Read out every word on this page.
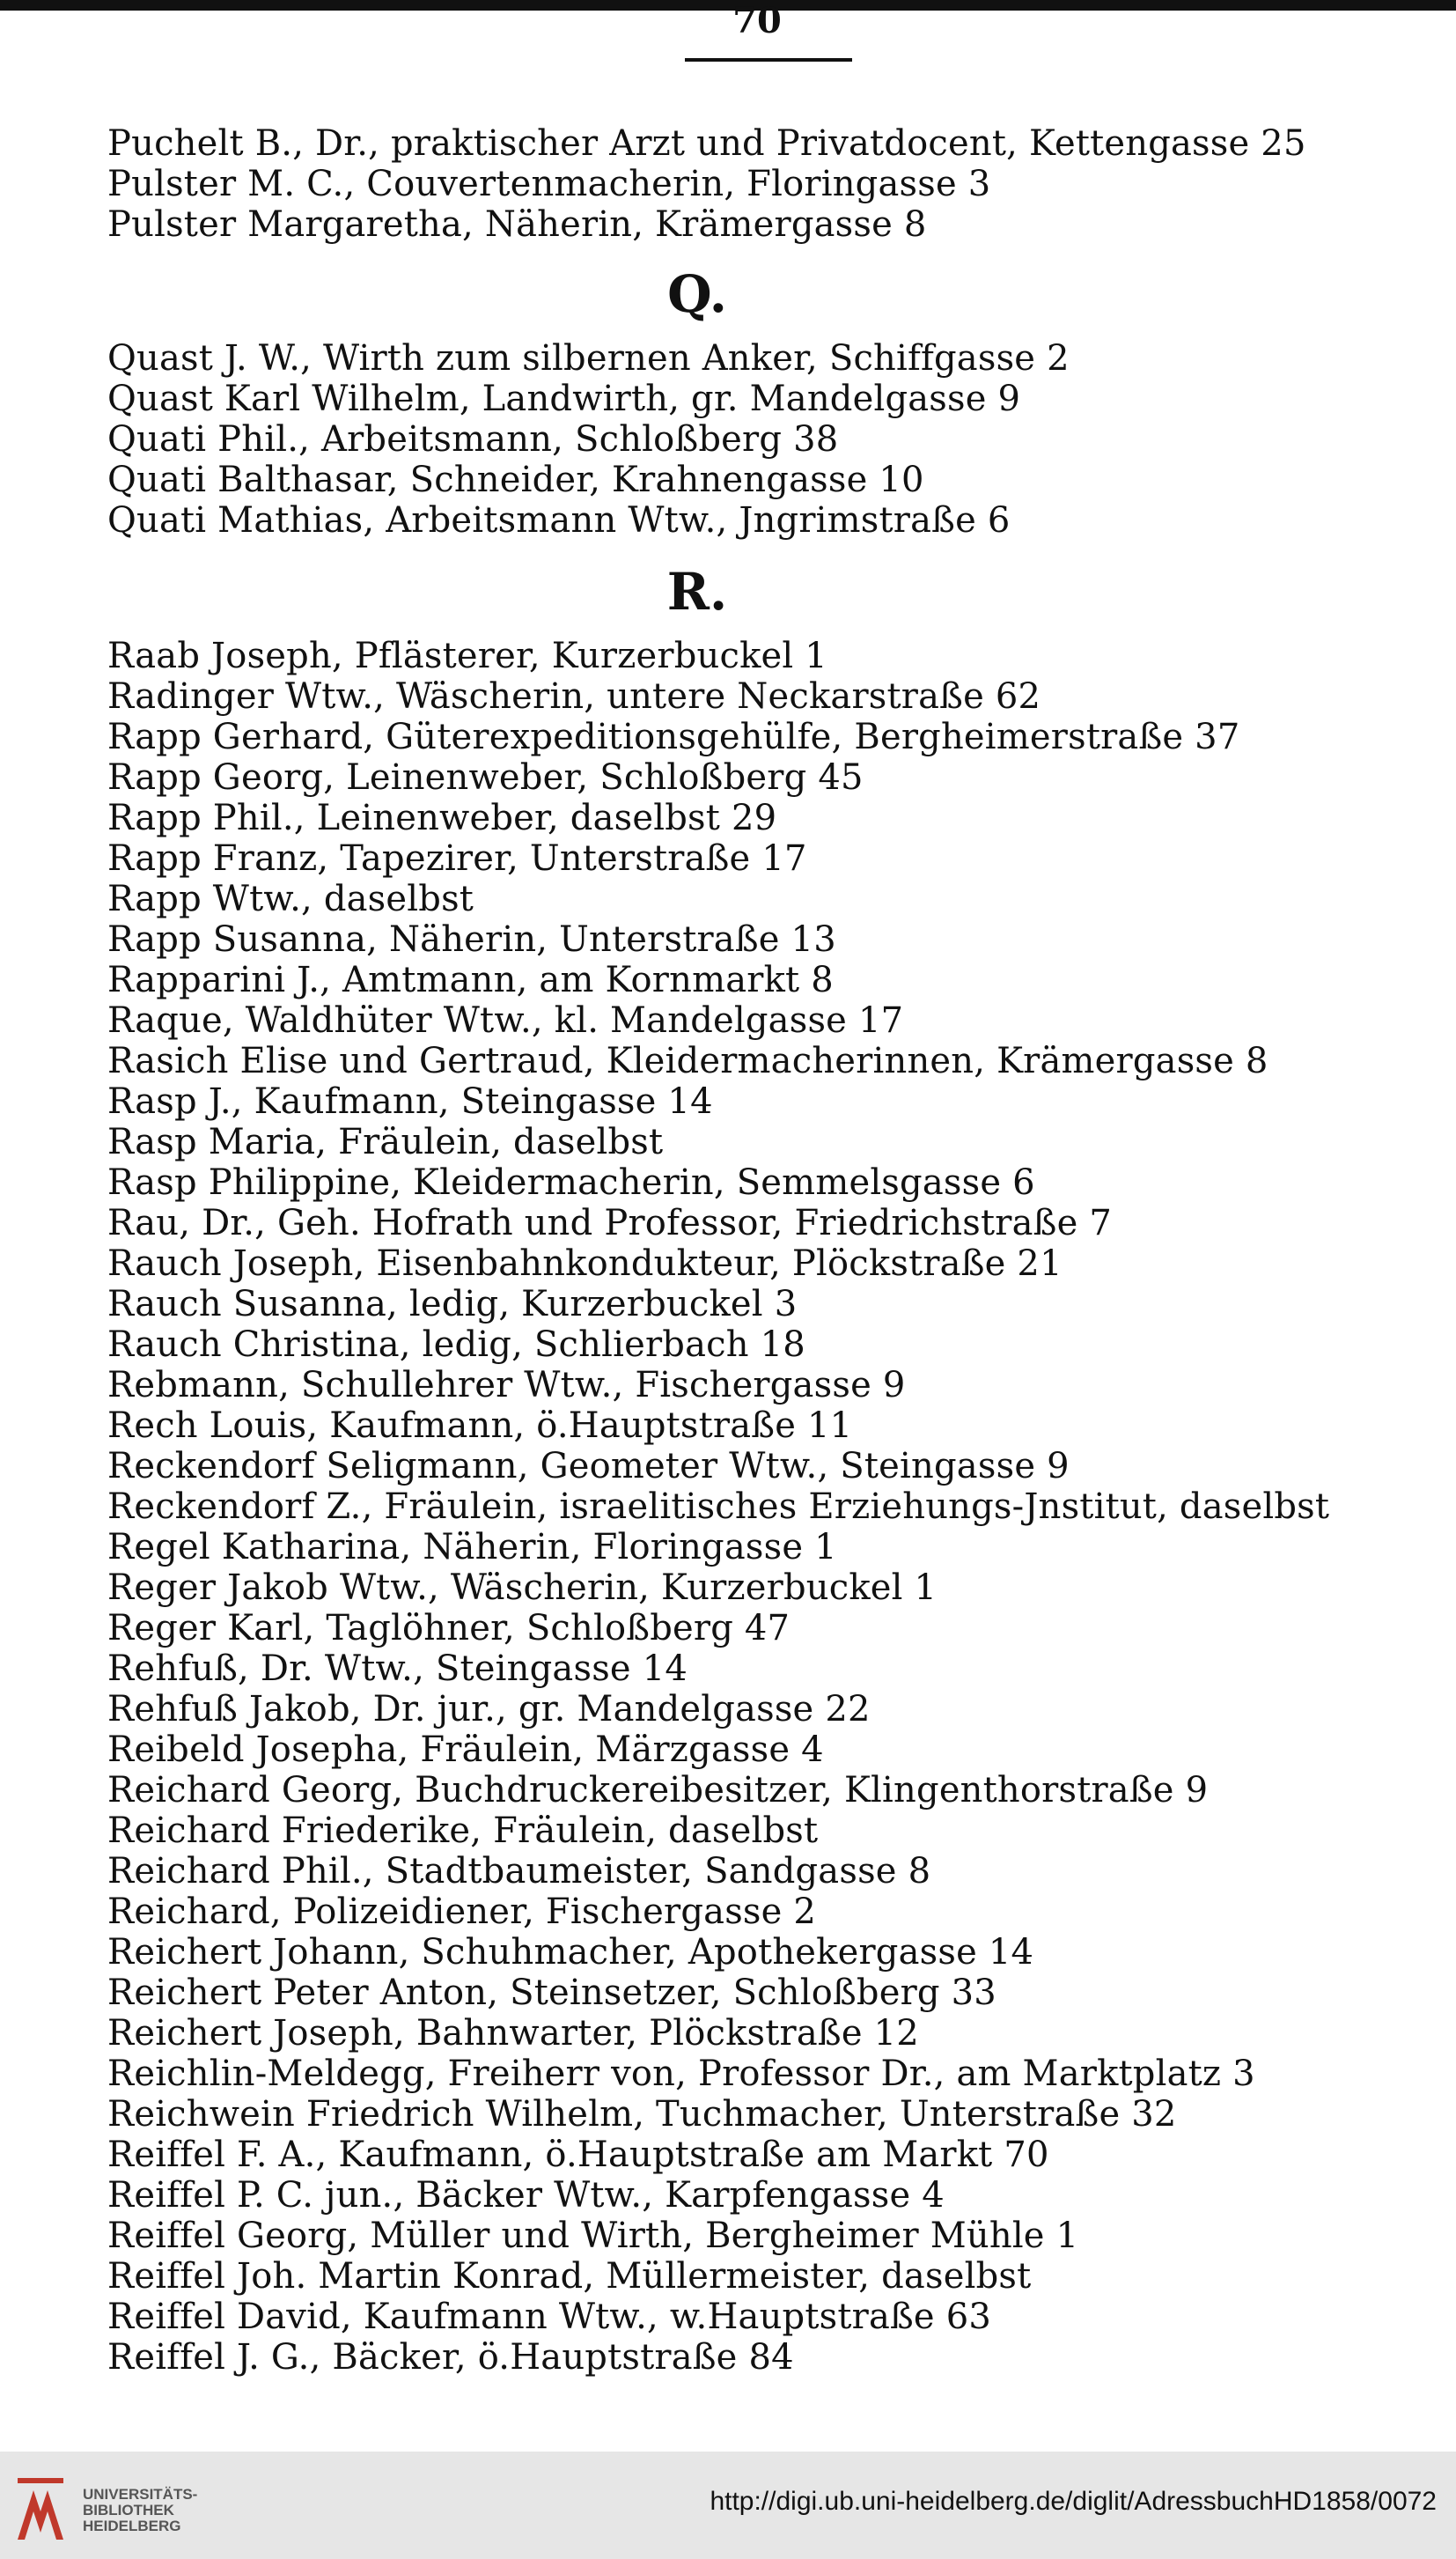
70
Puchelt B., Dr., praktischer Arzt und Privatdocent, Kettengasse 25
Pulster M. C., Couvertenmacherin, Floringasse 3
Pulster Margaretha, Näherin, Krämergasse 8
Q.
Quast J. W., Wirth zum silbernen Anker, Schiffgasse 2
Quast Karl Wilhelm, Landwirth, gr. Mandelgasse 9
Quati Phil., Arbeitsmann, Schloßberg 38
Quati Balthasar, Schneider, Krahnengasse 10
Quati Mathias, Arbeitsmann Wtw., Jngrimstraße 6
R.
Raab Joseph, Pflästerer, Kurzerbuckel 1
Radinger Wtw., Wäscherin, untere Neckarstraße 62
Rapp Gerhard, Güterexpeditionsgehülfe, Bergheimerstraße 37
Rapp Georg, Leinenweber, Schloßberg 45
Rapp Phil., Leinenweber, daselbst 29
Rapp Franz, Tapezirer, Unterstraße 17
Rapp Wtw., daselbst
Rapp Susanna, Näherin, Unterstraße 13
Rapparini J., Amtmann, am Kornmarkt 8
Raque, Waldhüter Wtw., kl. Mandelgasse 17
Rasich Elise und Gertraud, Kleidermacherinnen, Krämergasse 8
Rasp J., Kaufmann, Steingasse 14
Rasp Maria, Fräulein, daselbst
Rasp Philippine, Kleidermacherin, Semmelsgasse 6
Rau, Dr., Geh. Hofrath und Professor, Friedrichstraße 7
Rauch Joseph, Eisenbahnkondukteur, Plöckstraße 21
Rauch Susanna, ledig, Kurzerbuckel 3
Rauch Christina, ledig, Schlierbach 18
Rebmann, Schullehrer Wtw., Fischergasse 9
Rech Louis, Kaufmann, ö.Hauptstraße 11
Reckendorf Seligmann, Geometer Wtw., Steingasse 9
Reckendorf Z., Fräulein, israelitisches Erziehungs-Jnstitut, daselbst
Regel Katharina, Näherin, Floringasse 1
Reger Jakob Wtw., Wäscherin, Kurzerbuckel 1
Reger Karl, Taglöhner, Schloßberg 47
Rehfuß, Dr. Wtw., Steingasse 14
Rehfuß Jakob, Dr. jur., gr. Mandelgasse 22
Reibeld Josepha, Fräulein, Märzgasse 4
Reichard Georg, Buchdruckereibesitzer, Klingenthorstraße 9
Reichard Friederike, Fräulein, daselbst
Reichard Phil., Stadtbaumeister, Sandgasse 8
Reichard, Polizeidiener, Fischergasse 2
Reichert Johann, Schuhmacher, Apothekergasse 14
Reichert Peter Anton, Steinsetzer, Schloßberg 33
Reichert Joseph, Bahnwarter, Plöckstraße 12
Reichlin-Meldegg, Freiherr von, Professor Dr., am Marktplatz 3
Reichwein Friedrich Wilhelm, Tuchmacher, Unterstraße 32
Reiffel F. A., Kaufmann, ö.Hauptstraße am Markt 70
Reiffel P. C. jun., Bäcker Wtw., Karpfengasse 4
Reiffel Georg, Müller und Wirth, Bergheimer Mühle 1
Reiffel Joh. Martin Konrad, Müllermeister, daselbst
Reiffel David, Kaufmann Wtw., w.Hauptstraße 63
Reiffel J. G., Bäcker, ö.Hauptstraße 84
UNIVERSITÄTS-
BIBLIOTHEK
HEIDELBERG
http://digi.ub.uni-heidelberg.de/diglit/AdressbuchHD1858/0072
